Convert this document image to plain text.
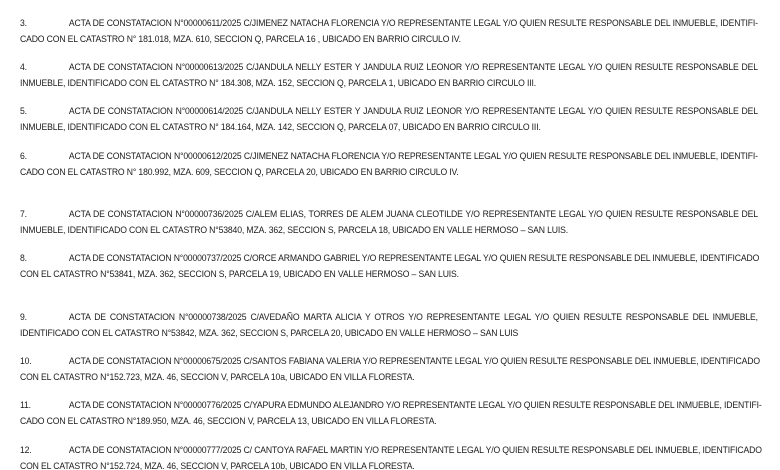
3.	ACTA DE CONSTATACION N°00000611/2025 C/JIMENEZ NATACHA FLORENCIA Y/O REPRESENTANTE LEGAL Y/O QUIEN RESULTE RESPONSABLE DEL INMUEBLE, IDENTIFI-
CADO CON EL CATASTRO N° 181.018, MZA. 610, SECCION Q, PARCELA 16 , UBICADO EN BARRIO CIRCULO IV.
4.	ACTA DE CONSTATACION N°00000613/2025 C/JANDULA NELLY ESTER Y JANDULA RUIZ LEONOR Y/O REPRESENTANTE LEGAL Y/O QUIEN RESULTE RESPONSABLE DEL
INMUEBLE, IDENTIFICADO CON EL CATASTRO N° 184.308, MZA. 152, SECCION Q, PARCELA 1, UBICADO EN BARRIO CIRCULO III.
5.	ACTA DE CONSTATACION N°00000614/2025 C/JANDULA NELLY ESTER Y JANDULA RUIZ LEONOR Y/O REPRESENTANTE LEGAL Y/O QUIEN RESULTE RESPONSABLE DEL
INMUEBLE, IDENTIFICADO CON EL CATASTRO N° 184.164, MZA. 142, SECCION Q, PARCELA 07, UBICADO EN BARRIO CIRCULO III.
6.	ACTA DE CONSTATACION N°00000612/2025 C/JIMENEZ NATACHA FLORENCIA Y/O REPRESENTANTE LEGAL Y/O QUIEN RESULTE RESPONSABLE DEL INMUEBLE, IDENTIFI-
CADO CON EL CATASTRO N° 180.992, MZA. 609, SECCION Q, PARCELA 20, UBICADO EN BARRIO CIRCULO IV.
7.	ACTA DE CONSTATACION N°00000736/2025 C/ALEM ELIAS, TORRES DE ALEM JUANA CLEOTILDE Y/O REPRESENTANTE LEGAL Y/O QUIEN RESULTE RESPONSABLE DEL
INMUEBLE, IDENTIFICADO CON EL CATASTRO N°53840, MZA. 362, SECCION S, PARCELA 18, UBICADO EN VALLE HERMOSO – SAN LUIS.
8.	ACTA DE CONSTATACION N°00000737/2025 C/ORCE ARMANDO GABRIEL Y/O REPRESENTANTE LEGAL Y/O QUIEN RESULTE RESPONSABLE DEL INMUEBLE, IDENTIFICADO
CON EL CATASTRO N°53841, MZA. 362, SECCION S, PARCELA 19, UBICADO EN VALLE HERMOSO – SAN LUIS.
9.	ACTA DE CONSTATACION N°00000738/2025 C/AVEDAÑO MARTA ALICIA Y OTROS Y/O REPRESENTANTE LEGAL Y/O QUIEN RESULTE RESPONSABLE DEL INMUEBLE,
IDENTIFICADO CON EL CATASTRO N°53842, MZA. 362, SECCION S, PARCELA 20, UBICADO EN VALLE HERMOSO – SAN LUIS
10.	ACTA DE CONSTATACION N°00000675/2025 C/SANTOS FABIANA VALERIA Y/O REPRESENTANTE LEGAL Y/O QUIEN RESULTE RESPONSABLE DEL INMUEBLE, IDENTIFICADO
CON EL CATASTRO N°152.723, MZA. 46, SECCION V, PARCELA 10a, UBICADO EN VILLA FLORESTA.
11.	ACTA DE CONSTATACION N°00000776/2025 C/YAPURA EDMUNDO ALEJANDRO Y/O REPRESENTANTE LEGAL Y/O QUIEN RESULTE RESPONSABLE DEL INMUEBLE, IDENTIFI-
CADO CON EL CATASTRO N°189.950, MZA. 46, SECCION V, PARCELA 13, UBICADO EN VILLA FLORESTA.
12.	ACTA DE CONSTATACION N°00000777/2025 C/ CANTOYA RAFAEL MARTIN Y/O REPRESENTANTE LEGAL Y/O QUIEN RESULTE RESPONSABLE DEL INMUEBLE, IDENTIFICADO
CON EL CATASTRO N°152.724, MZA. 46, SECCION V, PARCELA 10b, UBICADO EN VILLA FLORESTA.
